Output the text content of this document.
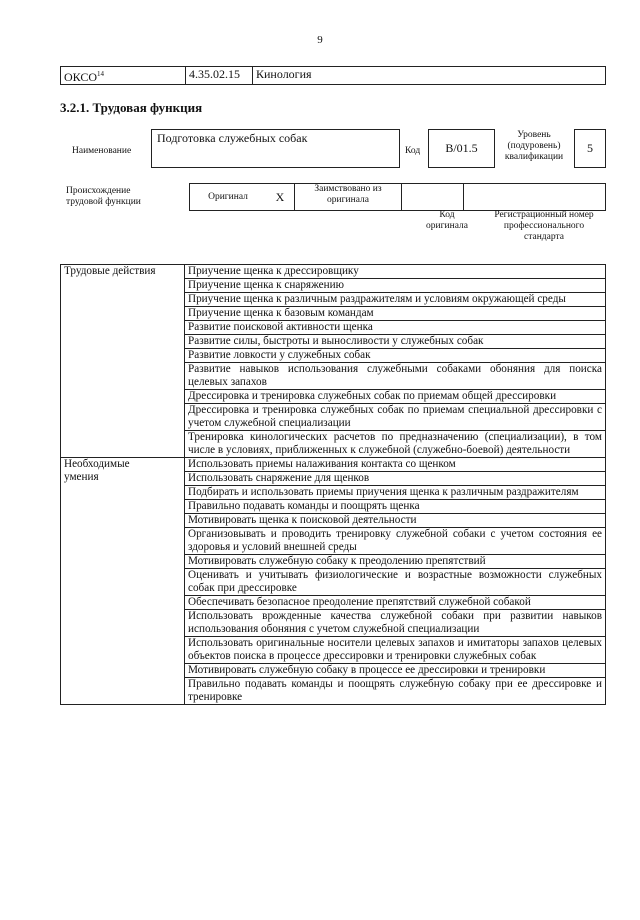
9
ОКСО$^{14}$	4.35.02.15	Кинология
3.2.1. Трудовая функция
Наименование
Подготовка служебных собак
Код	B/01.5
Уровень
(подуровень)
квалификации
5
Происхождение
трудовой функции
Оригинал	X	
Заимствовано из
оригинала

Код
оригинала
Регистрационный номер
профессионального
стандарта
Трудовые действия	Приучение щенка к дрессировщику
	Приучение щенка к снаряжению
	Приучение щенка к различным раздражителям и условиям окружающей среды
	Приучение щенка к базовым командам
	Развитие поисковой активности щенка
	Развитие силы, быстроты и выносливости у служебных собак
	Развитие ловкости у служебных собак
	Развитие навыков использования служебными собаками обоняния для поиска целевых запахов
	Дрессировка и тренировка служебных собак по приемам общей дрессировки
	Дрессировка и тренировка служебных собак по приемам специальной дрессировки с учетом служебной специализации
	Тренировка кинологических расчетов по предназначению (специализации), в том числе в условиях, приближенных к служебной (служебно-боевой) деятельности

Необходимые
умения	Использовать приемы налаживания контакта со щенком
	Использовать снаряжение для щенков
	Подбирать и использовать приемы приучения щенка к различным раздражителям
	Правильно подавать команды и поощрять щенка
	Мотивировать щенка к поисковой деятельности
	Организовывать и проводить тренировку служебной собаки с учетом состояния ее здоровья и условий внешней среды
	Мотивировать служебную собаку к преодолению препятствий
	Оценивать и учитывать физиологические и возрастные возможности служебных собак при дрессировке
	Обеспечивать безопасное преодоление препятствий служебной собакой
	Использовать врожденные качества служебной собаки при развитии навыков использования обоняния с учетом служебной специализации
	Использовать оригинальные носители целевых запахов и имитаторы запахов целевых объектов поиска в процессе дрессировки и тренировки служебных собак
	Мотивировать служебную собаку в процессе ее дрессировки и тренировки
	Правильно подавать команды и поощрять служебную собаку при ее дрессировке и тренировке
